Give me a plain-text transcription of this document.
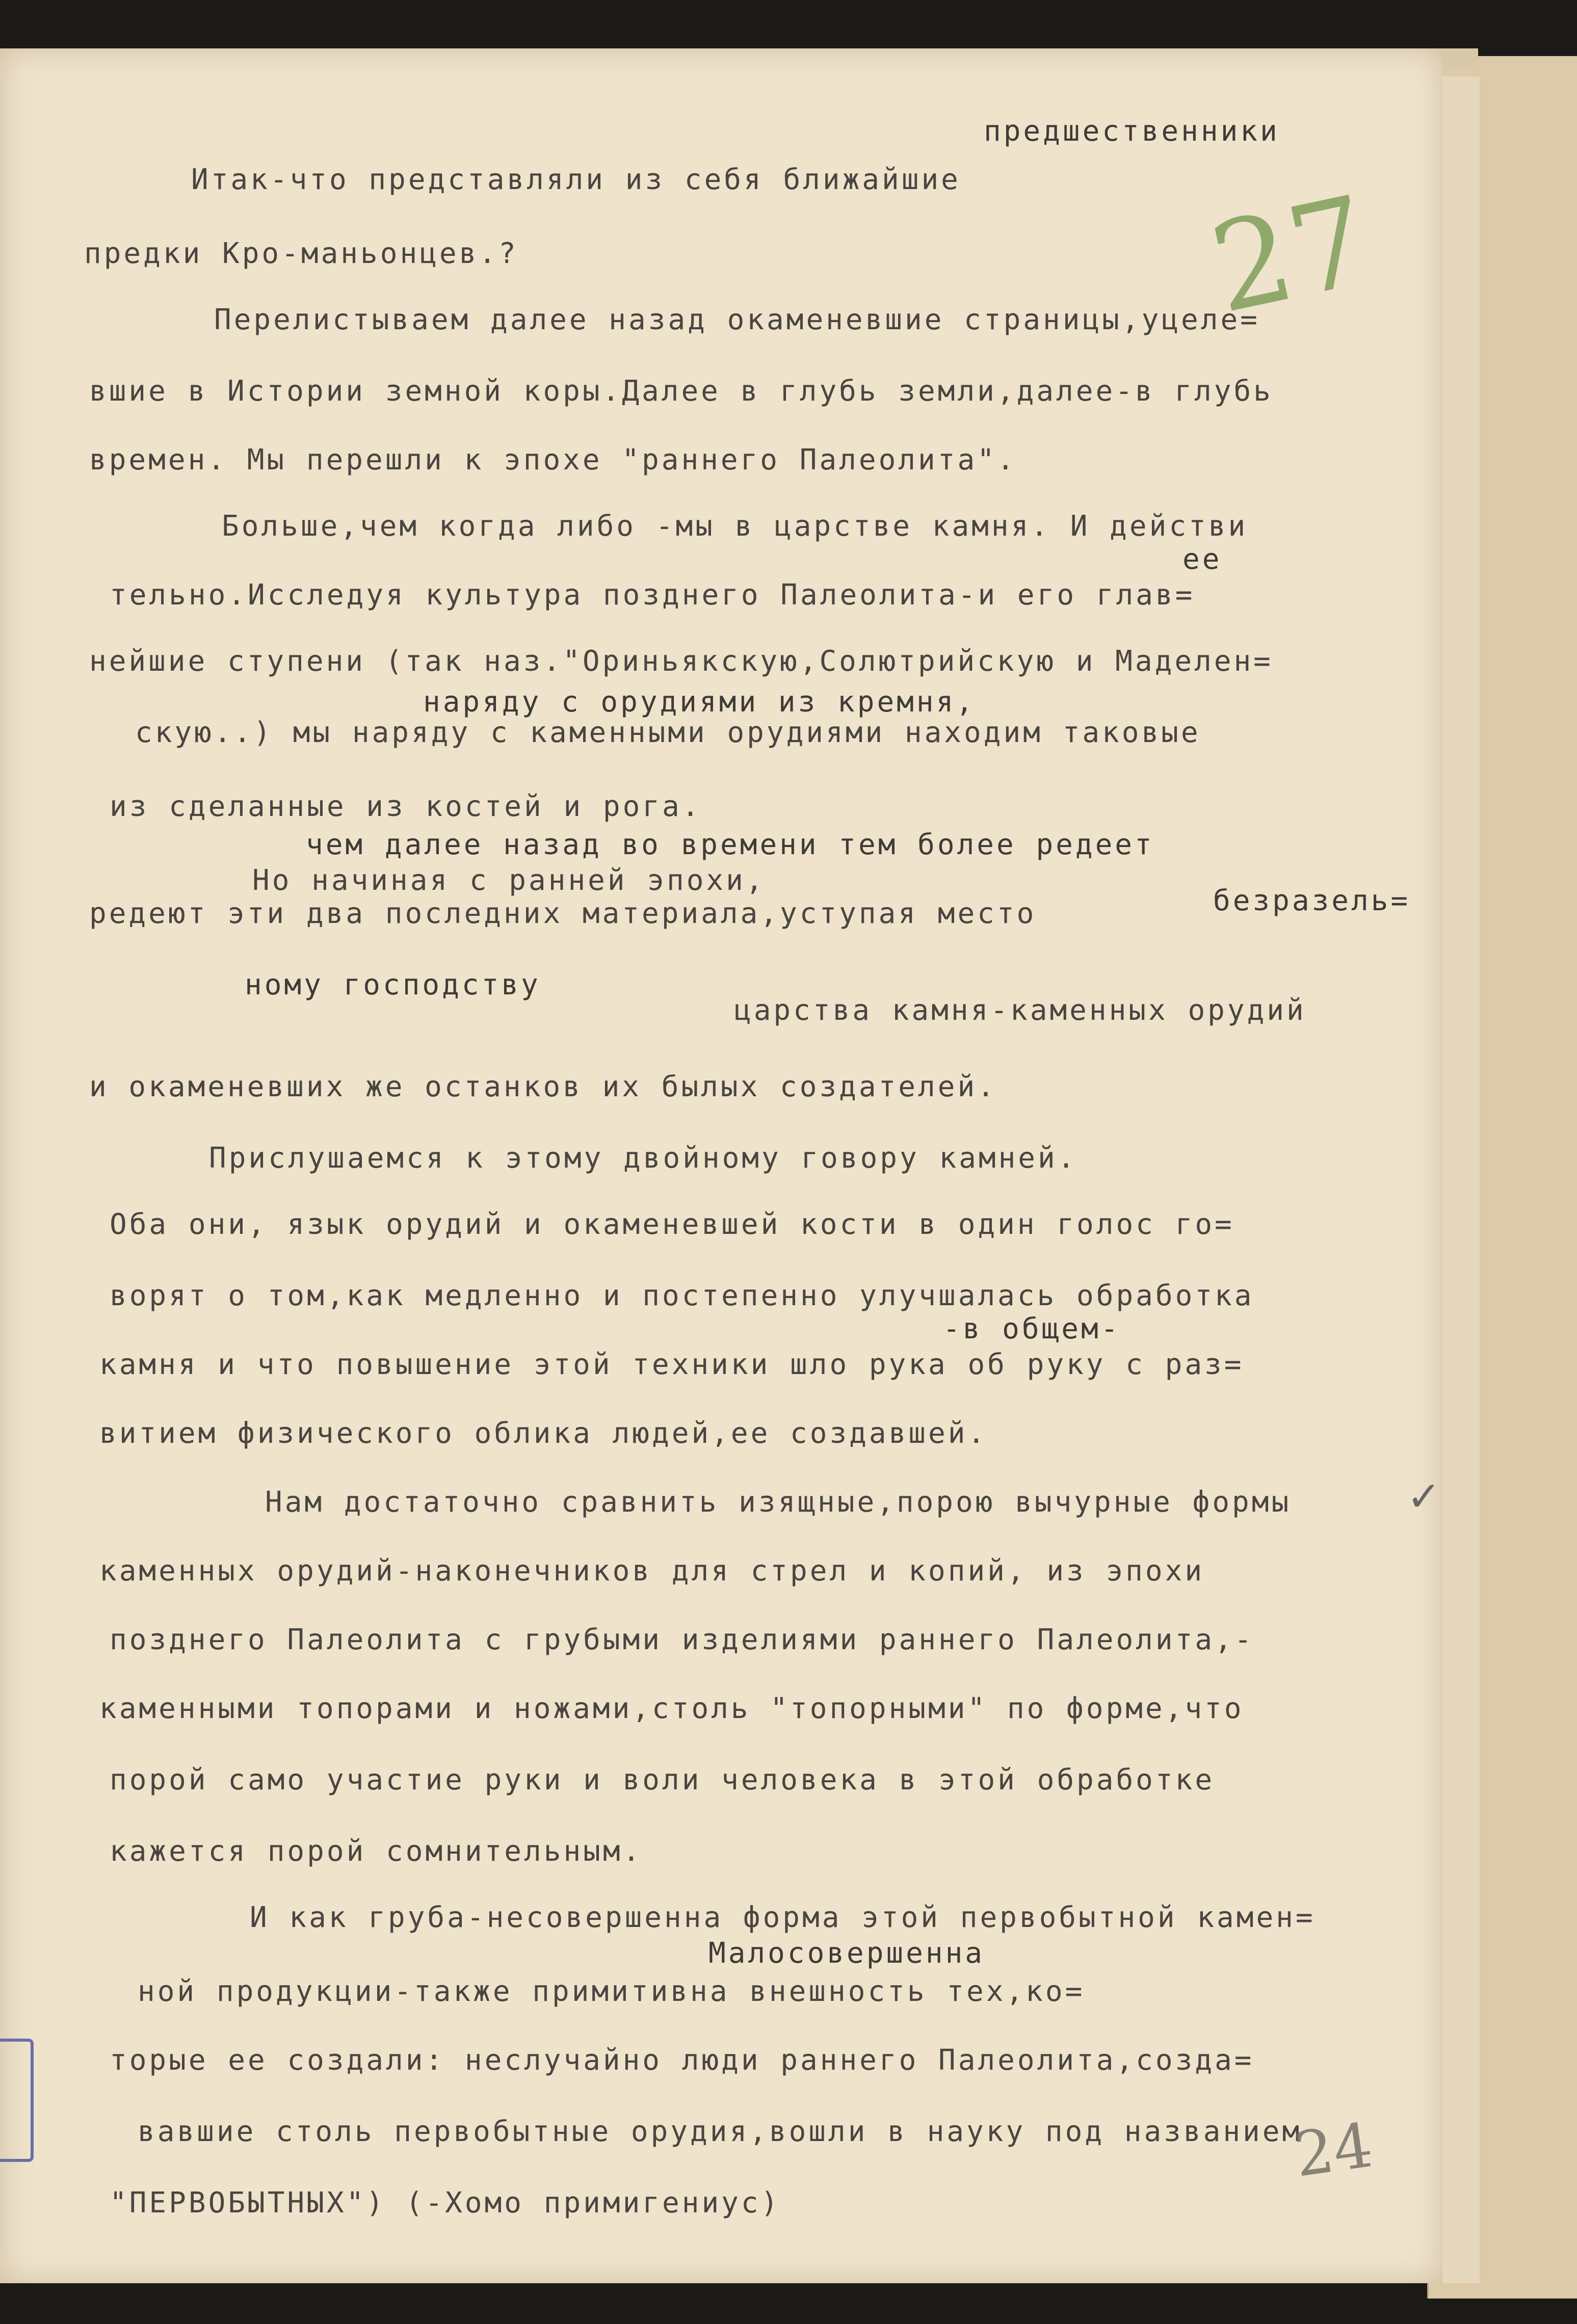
27
предшественники
Итак-что представляли из себя ближайшие
предки Кро-маньонцев.?
Перелистываем далее назад окаменевшие страницы,уцеле=
вшие в Истории земной коры.Далее в глубь земли,далее-в глубь
времен. Мы перешли к эпохе "раннего Палеолита".
Больше,чем когда либо -мы в царстве камня. И действи
ее
тельно.Исследуя культура позднего Палеолита-и его глав=
нейшие ступени (так наз."Ориньякскую,Солютрийскую и Маделен=
наряду с орудиями из кремня,
скую..) мы наряду с каменными орудиями находим таковые
из сделанные из костей и рога.
чем далее назад во времени тем более редеет
Но начиная с ранней эпохи,
редеют эти два последних материала,уступая место	безразель=
ному господству
царства камня-каменных орудий
и окаменевших же останков их былых создателей.
Прислушаемся к этому двойному говору камней.
Оба они, язык орудий и окаменевшей кости в один голос го=
ворят о том,как медленно и постепенно улучшалась обработка
-в общем-
камня и что повышение этой техники шло рука об руку с раз=
витием физического облика людей,ее создавшей.
Нам достаточно сравнить изящные,порою вычурные формы
каменных орудий-наконечников для стрел и копий, из эпохи
позднего Палеолита с грубыми изделиями раннего Палеолита,-
каменными топорами и ножами,столь "топорными" по форме,что
порой само участие руки и воли человека в этой обработке
кажется порой сомнительным.
И как груба-несовершенна форма этой первобытной камен=
Малосовершенна
ной продукции-также примитивна внешность тех,ко=
торые ее создали: неслучайно люди раннего Палеолита,созда=
вавшие столь первобытные орудия,вошли в науку под названием
"ПЕРВОБЫТНЫХ") (-Хомо примигениус)
24
✓
